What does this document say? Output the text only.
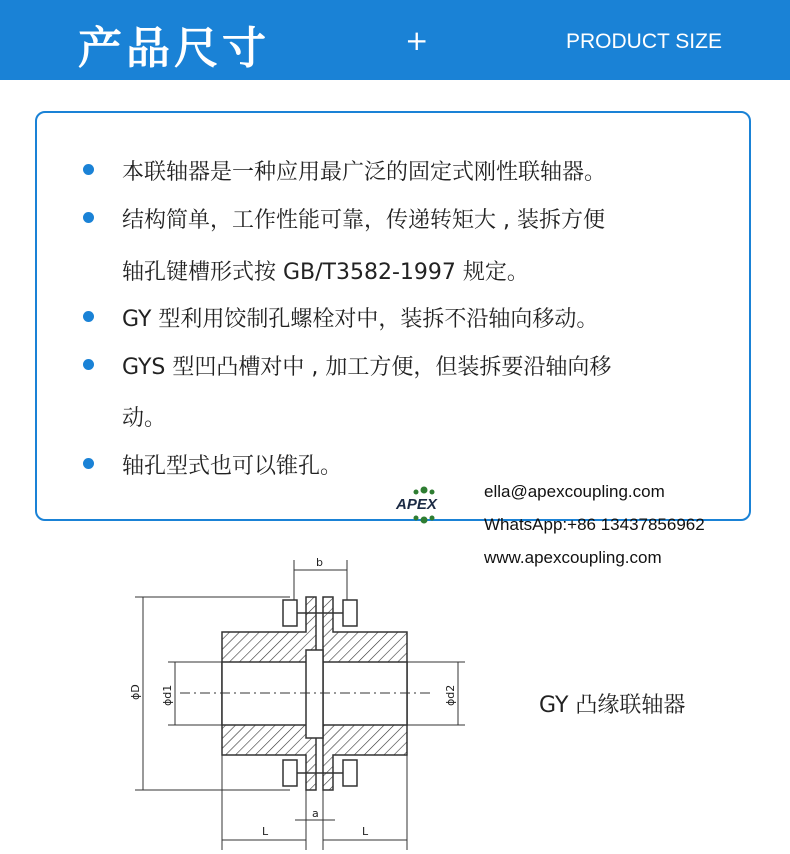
产品尺寸	+	PRODUCT SIZE
本联轴器是一种应用最广泛的固定式刚性联轴器。
结构简单，工作性能可靠，传递转矩大 , 装拆方便
轴孔键槽形式按 GB/T3582-1997 规定。
GY 型利用饺制孔螺栓对中，装拆不沿轴向移动。
GYS 型凹凸槽对中 , 加工方便，但装拆要沿轴向移
动。
轴孔型式也可以锥孔。
APEX
ella@apexcoupling.com
WhatsApp:+86 13437856962
www.apexcoupling.com
b
ϕD ϕd1	ϕd2
a
L	L
GY 凸缘联轴器
